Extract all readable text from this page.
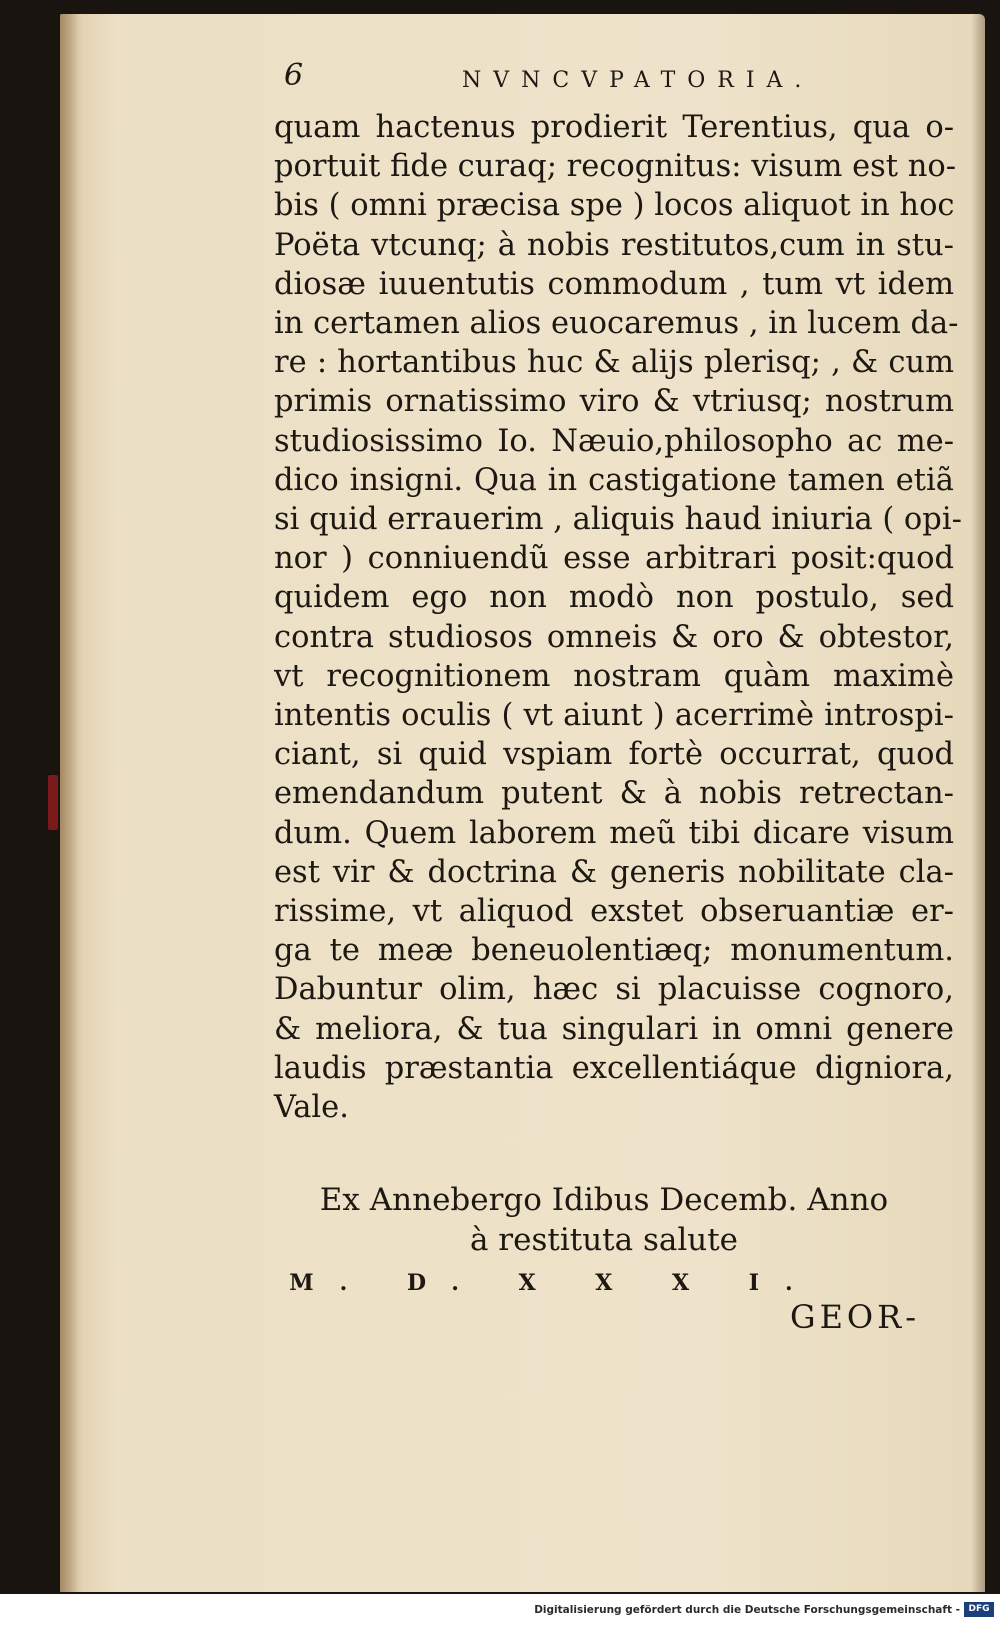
6	NVNCVPATORIA.
quam hactenus prodierit Terentius, qua o-
portuit fide curaq; recognitus: visum est no-
bis ( omni præcisa spe ) locos aliquot in hoc
Poëta vtcunq; à nobis restitutos,cum in stu-
diosæ iuuentutis commodum , tum vt idem
in certamen alios euocaremus , in lucem da-
re : hortantibus huc & alijs plerisq; , & cum
primis ornatissimo viro & vtriusq; nostrum
studiosissimo Io. Næuio,philosopho ac me-
dico insigni. Qua in castigatione tamen etiã
si quid errauerim , aliquis haud iniuria ( opi-
nor ) conniuendũ esse arbitrari posit:quod
quidem ego non modò non postulo, sed
contra studiosos omneis & oro & obtestor,
vt recognitionem nostram quàm maximè
intentis oculis ( vt aiunt ) acerrimè introspi-
ciant, si quid vspiam fortè occurrat, quod
emendandum putent & à nobis retrectan-
dum. Quem laborem meũ tibi dicare visum
est vir & doctrina & generis nobilitate cla-
rissime, vt aliquod exstet obseruantiæ er-
ga te meæ beneuolentiæq; monumentum.
Dabuntur olim, hæc si placuisse cognoro,
& meliora, & tua singulari in omni genere
laudis præstantia excellentiáque digniora,
Vale.
Ex Annebergo Idibus Decemb. Anno
à restituta salute
M. D. X X X I.
GEOR-
Digitalisierung gefördert durch die Deutsche Forschungsgemeinschaft - DFG
